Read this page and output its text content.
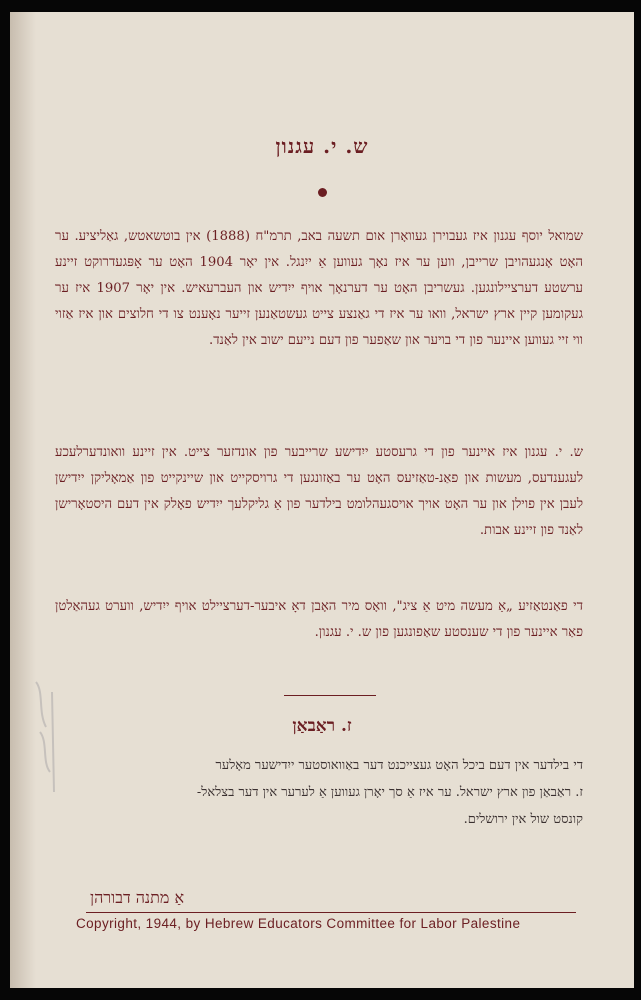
ש. י. עגנון

שמואל יוסף עגנון איז געבוירן געוואָרן אום תשעה באב, תרמ"ח (1888) אין בוטשאטש, גאַליציע. ער האָט אָנגעהויבן שרייבן, ווען ער איז נאָך געווען אַ ייִנגל. אין יאָר 1904 האָט ער אָפּגעדרוקט זיינע ערשטע דערציילונגען. געשריבן האָט ער דערנאָך אויף ייִדיש און העברעאיש. אין יאָר 1907 איז ער געקומען קיין ארץ ישראל, וואו ער איז די גאַנצע צייט געשטאַנען זייער נאָענט צו די חלוצים און איז אַזוי ווי זיי געווען איינער פון די בויער און שאַפער פון דעם נייעם ישוב אין לאַנד.

ש. י. עגנון איז איינער פון די גרעסטע ייִדישע שרייבער פון אונדזער צייט. אין זיינע וואונדערלעכע לעגענדעס, מעשות און פאַנ-טאַזיעס האָט ער באַזונגען די גרויסקייט און שיינקייט פון אַמאָליקן ייִדישן לעבן אין פוילן און ער האָט אויך אויסגעהלומט בילדער פון אַ גליקלעך ייִדיש פאָלק אין דעם היסטאָרישן לאַנד פון זיינע אבות.

די פאַנטאַזיע „אַ מעשה מיט אַ ציג", וואָס מיר האָבן דאָ איבער-דערציילט אויף ייִדיש, ווערט געהאַלטן פאַר איינער פון די שענסטע שאַפונגען פון ש. י. עגנון.

ז. ראַבאַן

די בילדער אין דעם ביכל האָט געצייכנט דער באַוואוסטער ייִדישער מאָלער

ז. ראַבאַן פון ארץ ישראל. ער איז אַ סך יאָרן געווען אַ לערער אין דער בצלאל-

קונסט שול אין ירושלים.

אַ מתנה דבורהן
Copyright, 1944, by Hebrew Educators Committee for Labor Palestine
